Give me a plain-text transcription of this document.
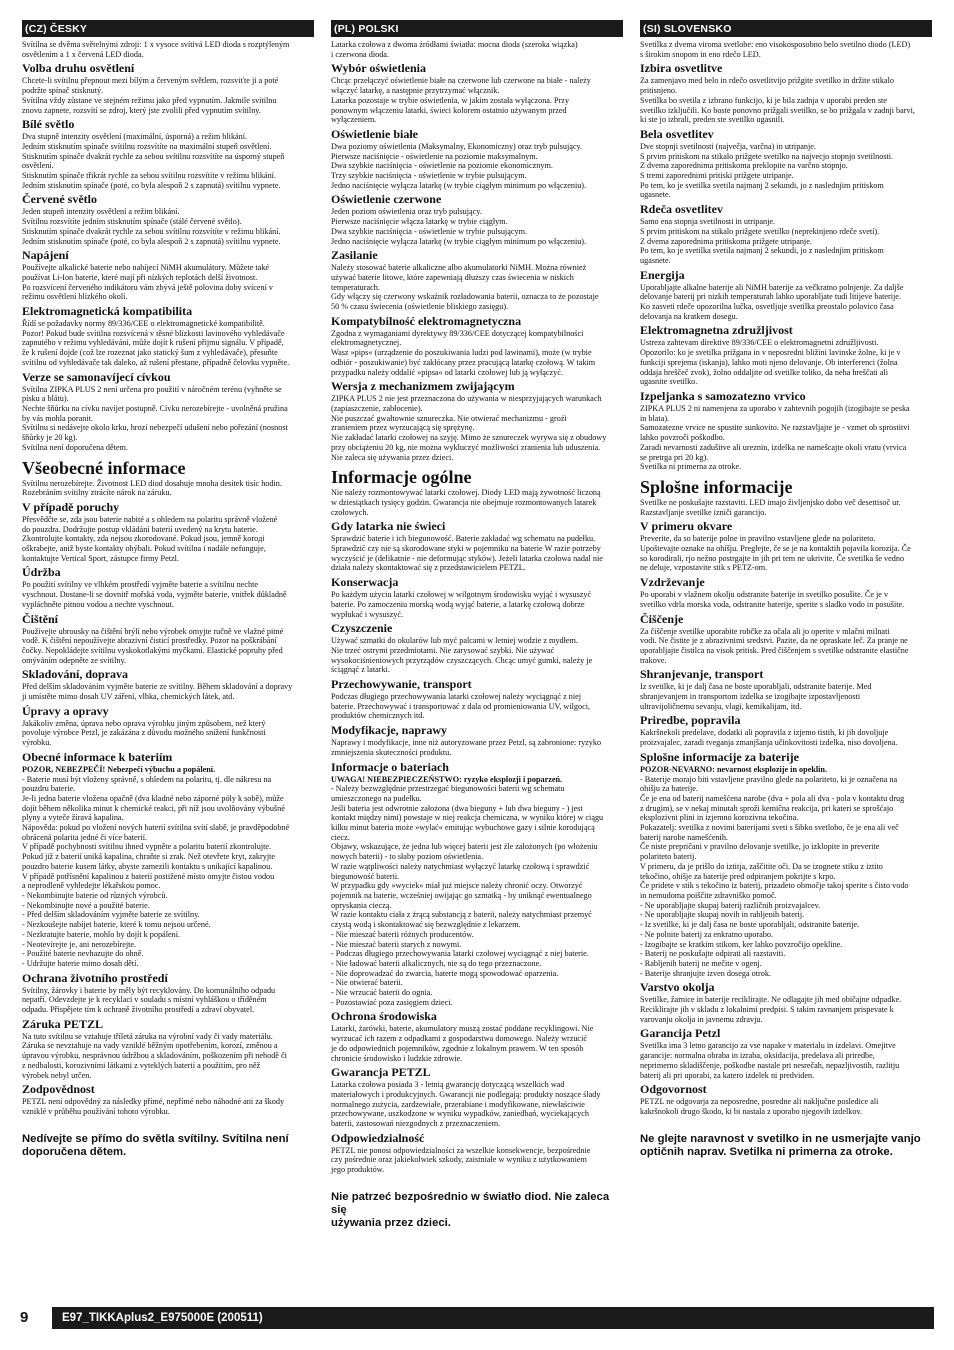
(CZ) ČESKY
Svítilna se dvěma světelnými zdroji: 1 x vysoce svítivá LED dioda s rozptýleným
osvětlením a 1 x červená LED dioda.
Volba druhu osvětlení
Chcete-li svítilnu přepnout mezi bílým a červeným světlem, rozsviťte ji a poté
podržte spínač stisknutý.
Svítilna vždy zůstane ve stejném režimu jako před vypnutím. Jakmile svítilnu
znovu zapnete, rozsvítí se zdroj, který jste zvolili před vypnutím svítilny.
Bílé světlo
Dva stupně intenzity osvětlení (maximální, úsporná) a režim blikání.
Jedním stisknutím spínače svítilnu rozsvítíte na maximální stupeň osvětlení.
Stisknutím spínače dvakrát rychle za sebou svítilnu rozsvítíte na úsporný stupeň
osvětlení.
Stisknutím spínače třikrát rychle za sebou svítilnu rozsvítíte v režimu blikání.
Jedním stisknutím spínače (poté, co byla alespoň 2 s zapnutá) svítilnu vypnete.
Červené světlo
Jeden stupeň intenzity osvětlení a režim blikání.
Svítilnu rozsvítíte jedním stisknutím spínače (stálé červené světlo).
Stisknutím spínače dvakrát rychle za sebou svítilnu rozsvítíte v režimu blikání.
Jedním stisknutím spínače (poté, co byla alespoň 2 s zapnutá) svítilnu vypnete.
Napájení
Používejte alkalické baterie nebo nabíjecí NiMH akumulátory. Můžete také
používat Li-Ion baterie, které mají při nízkých teplotách delší životnost.
Po rozsvícení červeného indikátoru vám zbývá ještě polovina doby svícení v
režimu osvětlení blízkého okolí.
Elektromagnetická kompatibilita
Řídí se požadavky normy 89/336/CEE o elektromagnetické kompatibilitě.
Pozor! Pokud bude svítilna rozsvícená v těsné blízkosti lavinového vyhledávače
zapnutého v režimu vyhledávání, může dojít k rušení přijmu signálu. V případě,
že k rušení dojde (což lze rozeznat jako statický šum z vyhledávače), přesuňte
svítilnu od vyhledávače tak daleko, až rušení přestane, případně čelovku vypněte.
Verze se samonavíjecí cívkou
Svítilna ZIPKA PLUS 2 není určena pro použití v náročném terénu (vyhněte se
písku a blátu).
Nechte šňůrku na cívku navíjet postupně. Cívku nerozebírejte - uvolněná pružina
by vás mohla poranit.
Svítilnu si nedávejte okolo krku, hrozí nebezpečí udušení nebo pořezání (nosnost
šňůrky je 20 kg).
Svítilna není doporučena dětem.
Všeobecné informace
Svítilnu nerozebírejte. Životnost LED diod dosahuje mnoha desítek tisíc hodin.
Rozebráním svítilny ztrácíte nárok na záruku.
V případě poruchy
Přesvědčte se, zda jsou baterie nabité a s ohledem na polaritu správně vložené
do pouzdra. Dodržujte postup vkládání baterií uvedený na krytu baterie.
Zkontrolujte kontakty, zda nejsou zkorodované. Pokud jsou, jemně koroді
oškrabejte, aniž byste kontakty ohýbali. Pokud svítilna i nadále nefunguje,
kontaktujte Vertical Sport, zástupce firmy Petzl.
Údržba
Po použití svítilny ve vlhkém prostředí vyjměte baterie a svítilnu nechte
vyschnout. Dostane-li se dovnitř mořská voda, vyjměte baterie, vnitřek důkladně
vypláchněte pitnou vodou a nechte vyschnout.
Čištění
Používejte ubrousky na čištění brýlí nebo výrobek omyjte ručně ve vlažné pitné
vodě. K čištění nepoužívejte abrazivní čisticí prostředky. Pozor na poškrábání
čočky. Nepokládejte svítilnu vyskokotlakými myčkami. Elastické popruhy před
omýváním odepněte ze svítilny.
Skladování, doprava
Před delším skladováním vyjměte baterie ze svítilny. Během skladování a dopravy
ji umístěte mimo dosah UV záření, vlhka, chemických látek, atd.
Úpravy a opravy
Jakákoliv změna, úprava nebo oprava výrobku jiným způsobem, než který
povoluje výrobce Petzl, je zakázána z důvodu možného snížení funkčnosti
výrobku.
Obecné informace k bateriím
POZOR, NEBEZPEČÍ! Nebezpečí výbuchu a popálení.
- Baterie musí být vloženy správně, s ohledem na polaritu, tj. dle nákresu na
pouzdru baterie.
Je-li jedna baterie vložena opačně (dva kladné nebo záporné póly k sobě), může
dojít během několika minut k chemické reakci, při níž jsou uvolňovány výbušné
plyny a vyteče žíravá kapalina.
Nápověda: pokud po vložení nových baterií svítilna svítí slabě, je pravděpodobné
obrácená polarita jedné či více baterií.
V případě pochybnosti svítilnu ihned vypněte a polaritu baterií zkontrolujte.
Pokud již z baterií uniká kapalina, chraňte si zrak. Než otevřete kryt, zakryjte
pouzdro baterie kusem látky, abyste zamezili kontaktu s unikající kapalinou.
V případě potřísnění kapalinou z baterií postižené místo omyjte čistou vodou
a neprodleně vyhledejte lékařskou pomoc.
- Nekombinujte baterie od různých výrobců.
- Nekombinujte nové a použité baterie.
- Před delším skladováním vyjměte baterie ze svítilny.
- Nezkoušejte nabíjet baterie, které k tomu nejsou určené.
- Nezkratujte baterie, mohlo by dojít k popálení.
- Neotevírejte je, ani nerozebírejte.
- Použité baterie nevhazujte do ohně.
- Udržujte baterie mimo dosah dětí.
Ochrana životního prostředí
Svítilny, žárovky i baterie by měly být recyklovány. Do komunálního odpadu
nepatří. Odevzdejte je k recyklaci v souladu s místní vyhláškou o tříděném
odpadu. Přispějete tím k ochraně životního prostředí a zdraví obyvatel.
Záruka PETZL
Na tuto svítilnu se vztahuje tříletá záruka na výrobní vady či vady materiálu.
Záruka se nevztahuje na vady vzniklé běžným opotřebením, korozí, změnou a
úpravou výrobku, nesprávnou údržbou a skladováním, poškozením při nehodě či
z nedbalosti, korozivními látkami z vyteklých baterií a použitím, pro něž
výrobek nebyl určen.
Zodpovědnost
PETZL není odpovědný za následky přímé, nepřímé nebo náhodné ani za škody
vzniklé v průběhu používání tohoto výrobku.
Nedívejte se přímo do světla svítilny. Svítilna není
doporučena dětem.
(PL) POLSKI
Latarka czołowa z dwoma źródłami światła: mocna dioda (szeroka wiązka)
i czerwona dioda.
Wybór oświetlenia
Chcąc przełączyć oświetlenie białe na czerwone lub czerwone na białe - należy
włączyć latarkę, a następnie przytrzymać włącznik.
Latarka pozostaje w trybie oświetlenia, w jakim została wyłączona. Przy
ponownym włączeniu latarki, świeci kolorem ostatnio używanym przed
wyłączeniem.
Oświetlenie białe
Dwa poziomy oświetlenia (Maksymalny, Ekonomiczny) oraz tryb pulsujący.
Pierwsze naciśnięcie - oświetlenie na poziomie maksymalnym.
Dwa szybkie naciśnięcia - oświetlenie na poziomie ekonomicznym.
Trzy szybkie naciśnięcia - oświetlenie w trybie pulsującym.
Jedno naciśnięcie wyłącza latarkę (w trybie ciągłym minimum po włączeniu).
Oświetlenie czerwone
Jeden poziom oświetlenia oraz tryb pulsujący.
Pierwsze naciśnięcie włącza latarkę w trybie ciągłym.
Dwa szybkie naciśnięcia - oświetlenie w trybie pulsującym.
Jedno naciśnięcie wyłącza latarkę (w trybie ciągłym minimum po włączeniu).
Zasilanie
Należy stosować baterie alkaliczne albo akumulatorki NiMH. Można również
używać baterie litowe, które zapewniają dłuższy czas świecenia w niskich
temperaturach.
Gdy włączy się czerwony wskaźnik rozładowania baterii, oznacza to że pozostaje
50 % czasu świecenia (oświetlenie bliskiego zasięgu).
Kompatybilność elektromagnetyczna
Zgodna z wymaganiami dyrektywy 89/336/CEE dotyczącej kompatybilności
elektromagnetycznej.
Wasz »pips« (urządzenie do poszukiwania ludzi pod lawinami), może (w trybie
odbiór - poszukiwanie) być zakłócany przez pracującą latarkę czołową. W takim
przypadku należy oddalić »pipsa« od latarki czołowej lub ją wyłączyć.
Wersja z mechanizmem zwijającym
ZIPKA PLUS 2 nie jest przeznaczona do używania w niesprzyjających warunkach
(zapiaszczenie, zabłocenie).
Nie puszczać gwałtownie sznureczka. Nie otwierać mechanizmu - groźi
zranieniem przez wyrzucającą się sprężynę.
Nie zakładać latarki czołowej na szyję. Mimo że sznureczek wyrywa się z obudowy
przy obciążeniu 20 kg, nie można wykluczyć możliwości zranienia lub uduszenia.
Nie zaleca się używania przez dzieci.
Informacje ogólne
Nie należy rozmontowywać latarki czołowej. Diody LED mają żywotność liczoną
w dziesiątkach tysięcy godzin. Gwarancja nie obejmuje rozmontowanych latarek
czołowych.
Gdy latarka nie świeci
Sprawdzić baterie i ich biegunowość. Baterie zakładać wg schematu na pudełku.
Sprawdzić czy nie są skorodowane styki w pojemniku na baterie W razie potrzeby
wyczyścić je (delikatnie - nie deformując styków). Jeżeli latarka czołowa nadal nie
działa należy skontaktować się z przedstawicielem PETZL.
Konserwacja
Po każdym użyciu latarki czołowej w wilgotnym środowisku wyjąć i wysuszyć
baterie. Po zamoczeniu morską wodą wyjąć baterie, a latarkę czołową dobrze
wypłukać i wysuszyć.
Czyszczenie
Używać szmatki do okularów lub myć palcami w letniej wodzie z mydłem.
Nie trzeć ostrymi przedmiotami. Nie zarysować szybki. Nie używać
wysokociśnieniowych przyrządów czyszczących. Chcąc umyć gumki, należy je
ściągnąć z latarki.
Przechowywanie, transport
Podczas długiego przechowywania latarki czołowej należy wyciągnąć z niej
baterie. Przechowywać i transportować z dala od promieniowania UV, wilgoci,
produktów chemicznych itd.
Modyfikacje, naprawy
Naprawy i modyfikacje, inne niż autoryzowane przez Petzl, są zabronione: ryzyko
zmniejszenia skuteczności produktu.
Informacje o bateriach
UWAGA! NIEBEZPIECZEŃSTWO: ryzyko eksplozji i poparzeń.
- Należy bezwzględnie przestrzegać biegunowości baterii wg schematu
umieszczonego na pudełku.
Jeśli bateria jest odwrotnie założona (dwa bieguny + lub dwa bieguny - ) jest
kontakt między nimi) powstaje w niej reakcja chemiczna, w wyniku której w ciągu
kilku minut bateria może »wylać« emitując wybuchowe gazy i silnie korodującą
ciecz.
Objawy, wskazujące, że jedna lub więcej baterii jest źle założonych (po włożeniu
nowych baterii) - to słaby poziom oświetlenia.
W razie wątpliwości należy natychmiast wyłączyć latarkę czołową i sprawdzić
biegunowość baterii.
W przypadku gdy »wyciek« miał już miejsce należy chronić oczy. Otworzyć
pojemnik na baterie, wcześniej owijając go szmatką - by uniknąć ewentualnego
opryskania cieczą.
W razie kontaktu ciała z żrącą substancją z baterii, należy natychmiast przemyć
czystą wodą i skontaktować się bezwzględnie z lekarzem.
- Nie mieszać baterii różnych producentów.
- Nie mieszać baterii starych z nowymi.
- Podczas długiego przechowywania latarki czołowej wyciągnąć z niej baterie.
- Nie ładować baterii alkalicznych, nie są do tego przeznaczone.
- Nie doprowadzać do zwarcia, baterie mogą spowodować oparzenia.
- Nie otwierać baterii.
- Nie wrzucać baterii do ognia.
- Pozostawiać poza zasięgiem dzieci.
Ochrona środowiska
Latarki, żarówki, baterie, akumulatory muszą zostać poddane recyklingowi. Nie
wyrzucać ich razem z odpadkami z gospodarstwa domowego. Należy wrzucić
je do odpowiednich pojemników, zgodnie z lokalnym prawem. W ten sposób
chronicie środowisko i ludzkie zdrowie.
Gwarancja PETZL
Latarka czołowa posiada 3 - letnią gwarancję dotyczącą wszelkich wad
materiałowych i produkcyjnych. Gwarancji nie podlegają: produkty noszące ślady
normalnego zużycia, zardzewiałe, przerabiane i modyfikowane, niewłaściwie
przechowywane, uszkodzone w wyniku wypadków, zaniedbań, wyciekających
baterii, zastosowań niezgodnych z przeznaczeniem.
Odpowiedzialność
PETZL nie ponosi odpowiedzialności za wszelkie konsekwencje, bezpośrednie
czy pośrednie oraz jakiekolwiek szkody, zaistniałe w wyniku z użytkowaniem
jego produktów.
Nie patrzeć bezpośrednio w światło diod. Nie zaleca się
używania przez dzieci.
(SI) SLOVENSKO
Svetilka z dvema viroma svetlobe: eno visokosposobno belo svetilno diodo (LED)
s širokim snopom in eno rdečo LED.
Izbira osvetlitve
Za zamenjavo med belo in rdečo osvetlitvijo prižgite svetilko in držite stikalo
pritisnjeno.
Svetilka bo svetila z izbrano funkcijo, ki je bila zadnja v uporabi preden ste
svetilko izključili. Ko boste ponovno prižgali svetilko, se bo prižgala v zadnji barvi,
ki ste jo izbrali, preden ste svetilko ugasnili.
Bela osvetlitev
Dve stopnji svetilnosti (največja, varčna) in utripanje.
S prvim pritiskom na stikalo prižgete svetilko na najvecjo stopnjo svetilnosti.
Z dvema zaporednima pritiskoma preklopite na varčno stopnjo.
S tremi zaporednimi pritiski prižgete utripanje.
Po tem, ko je svetilka svetila najmanj 2 sekundi, jo z naslednjim pritiskom
ugasnete.
Rdeča osvetlitev
Samo ena stopnja svetilnosti in utripanje.
S prvim pritiskom na stikalo prižgete svetilko (neprekinjeno rdeče svetí).
Z dvema zaporednima pritiskoma prižgete utripanje.
Po tem, ko je svetilka svetila najmanj 2 sekundi, jo z naslednjim pritiskom
ugasnete.
Energija
Uporabljajte alkalne baterije ali NiMH baterije za večkratno polnjenje. Za daljše
delovanje baterij pri nizkih temperaturah lahko uporabljate tudi litijeve baterije.
Ko zasveti rdeče opozorilna lučka, osvetljuje svetilka preostalo polovico časa
delovanja na kratkem dosegu.
Elektromagnetna združljivost
Ustreza zahtevam direktive 89/336/CEE o elektromagnetni združljivosti.
Opozorilo: ko je svetilka prižgana in v neposredni bližini lavinske žolne, ki je v
funkciji sprejema (iskanja), lahko moti njeno delovanje. Ob interferenci (žolna
oddaja hreščeč zvok), žolno oddaljite od svetilke toliko, da neha hreščati ali
ugasnite svetilko.
Izpeljanka s samozatezno vrvico
ZIPKA PLUS 2 ni namenjena za uporabo v zahtevnih pogojih (izogibajte se peska
in blata).
Samozatezne vrvice ne spustite sunkovito. Ne razstavljajte je - vzmet ob sprostitvi
lahko povzroči poškodbo.
Zaradi nevarnosti zadušitve ali ureznin, izdelka ne namešcajte okoli vratu (vrvica
se pretrga pri 20 kg).
Svetilka ni primerna za otroke.
Splošne informacije
Svetilke ne poskušajte razstaviti. LED imajo življenjsko dobo več desettisoč ur.
Razstavljanje svetilke izniči garancijo.
V primeru okvare
Preverite, da so baterije polne in pravilno vstavljene glede na polariteto.
Upoštevajte oznake na ohišju. Preglejte, če se je na kontaktih pojavila korozija. Če
so korodirali, rjo nežno postrgajte in jih pri tem ne ukrivite. Če svetilka še vedno
ne deluje, vzpostavite stik s PETZ-om.
Vzdrževanje
Po uporabi v vlažnem okolju odstranite baterije in svetilko posušite. Če je v
svetilko vdrla morska voda, odstranite baterije, sperite s sladko vodo in posušite.
Čiščenje
Za čiščenje svetilke uporabite robčke za očala ali jo operite v mlačni milnati
vodi. Ne čistite je z abrazivnimi sredstvi. Pazite, da ne opraskate leč. Za pranje ne
uporabljajte čistilca na visok pritisk. Pred čiščenjem s svetilke odstranite elastične
trakove.
Shranjevanje, transport
Iz svetilke, ki je dalj časa ne boste uporabljali, odstranite baterije. Med
shranjevanjem in transportom izdelka se izogibajte izpostavljenosti
ultravijoličnemu sevanju, vlagi, kemikalijam, itd.
Priredbe, popravila
Kakršnekoli predelave, dodatki ali popravila z izjemo tistih, ki jih dovoljuje
proizvajalec, zaradi tveganja zmanjšanja učinkovitosti izdelka, niso dovoljena.
Splošne informacije za baterije
POZOR-NEVARNO: nevarnost eksplozije in opeklin.
- Baterije morajo biti vstavljene pravilno glede na polariteto, ki je označena na
ohišju za baterije.
Če je ena od baterij namešćena narobe (dva + pola ali dva - pola v kontaktu drug
z drugim), se v nekaj minutah sproži kemiĉna reakcija, pri kateri se sprošćajo
eksplozivni plini in izjemno korozivna tekočina.
Pokazatelj: svetilka z novimi baterijami sveti s šibko svetlobo, če je ena ali več
baterij narobe namešćenih.
Če niste prepričani v pravilno delovanje svetilke, jo izklopite in preverite
polariteto baterij.
V primeru, da je prišlo do iztitja, zaščitite oči. Da se izognete stiku z iztito
tekočino, ohišje za baterije pred odpiranjem pokrijte s krpo.
Če pridete v stik s tekočino iz baterij, prizadeto območje takoj sperite s čisto vodo
in nemudoma poiščite zdravniško pomoč.
- Ne uporabljajte skupaj baterij različnih proizvajalcev.
- Ne uporabljajte skupaj novih in rabljenih baterij.
- Iz svetilke, ki je dalj časa ne boste uporabljali, odstranite baterije.
- Ne polnite baterij za enkratno uporabo.
- Izogibajte se kratkim stikom, ker lahko povzročijo opekline.
- Baterij ne poskušajte odpirati ali razstaviti.
- Rabljenih baterij ne mečite v ogenj.
- Baterije shranjujte izven dosega otrok.
Varstvo okolja
Svetilke, žarnice in baterije reciklirajte. Ne odlagajte jih med običajne odpadke.
Reciklirajte jih v skladu z lokalnimi predpisi. S takim ravnanjem prispevate k
varovanju okolja in javnemu zdravju.
Garancija Petzl
Svetilka ima 3 letno garancijo za vse napake v materialu in izdelavi. Omejitve
garancije: normalna obraba in izraba, oksidacija, predelava ali priredbe,
neprimerno skladiščenje, poškodbe nastale pri nesrečah, nepazljivostih, razlitju
baterij ali pri uporabi, za katero izdelek ni predviden.
Odgovornost
PETZL ne odgovarja za neposredne, posredne ali naključne posledice ali
kakršnokoli drugo škodo, ki bi nastala z uporabo njegovih izdelkov.
Ne glejte naravnost v svetilko in ne usmerjajte vanjo
optičnih naprav. Svetilka ni primerna za otroke.
9	E97_TIKKAplus2_E975000E (200511)
